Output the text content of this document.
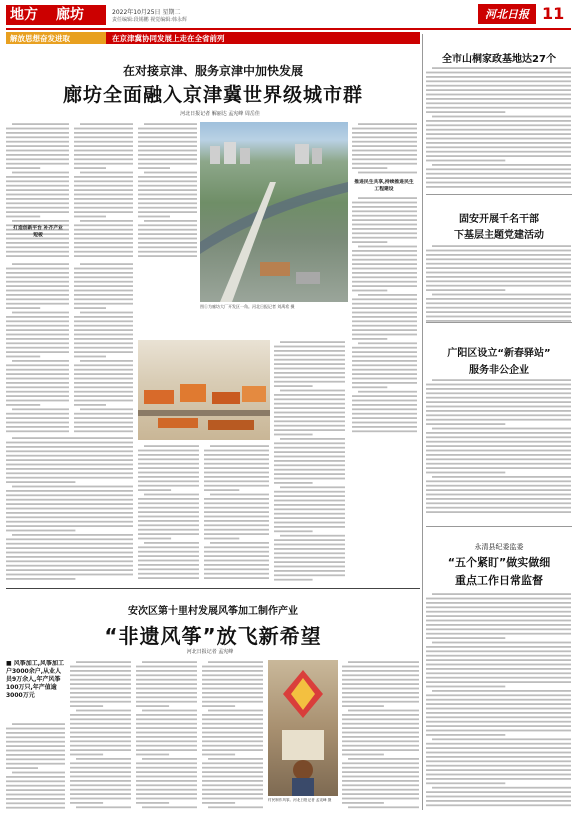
地方 廊坊	2022年10月25日 星期二
责任编辑:段锡鹏 视觉编辑:韩永辉	河北日报 11
解放思想奋发进取	在京津冀协同发展上走在全省前列
在对接京津、服务京津中加快发展
廊坊全面融入京津冀世界级城市群
河北日报记者 解丽达 孟宪峰 周岳佳
打造创新平台 补齐产业短板
推进民生共享,持续推进民生工程建设
图①为廊坊大厂开发区一角。河北日报记者 刘禹希 摄
全市山桐家政基地达27个
固安开展千名干部
下基层主题党建活动
广阳区设立“新春驿站”
服务非公企业
永清县纪委监委
“五个紧盯”做实做细
重点工作日常监督
安次区第十里村发展风筝加工制作产业
“非遗风筝”放飞新希望
河北日报记者 孟宪峰
■ 风筝加工,风筝加工户3000余户,从业人员9万余人,年产风筝100万只,年产值逾3000万元
村民制作风筝。河北日报记者 孟宪峰 摄
